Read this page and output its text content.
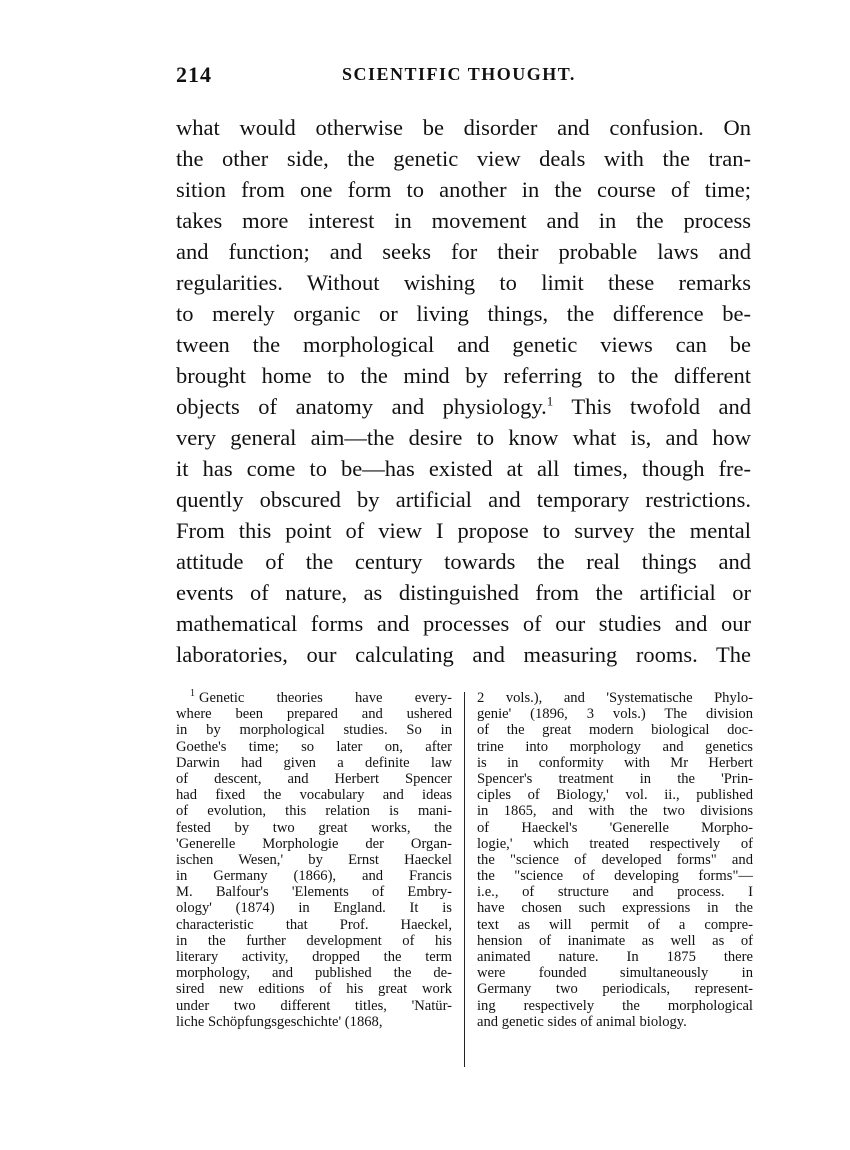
214	SCIENTIFIC THOUGHT.
what would otherwise be disorder and confusion. On
the other side, the genetic view deals with the tran-
sition from one form to another in the course of time;
takes more interest in movement and in the process
and function; and seeks for their probable laws and
regularities. Without wishing to limit these remarks
to merely organic or living things, the difference be-
tween the morphological and genetic views can be
brought home to the mind by referring to the different
objects of anatomy and physiology.$^1$ This twofold and
very general aim—the desire to know what is, and how
it has come to be—has existed at all times, though fre-
quently obscured by artificial and temporary restrictions.
From this point of view I propose to survey the mental
attitude of the century towards the real things and
events of nature, as distinguished from the artificial or
mathematical forms and processes of our studies and our
laboratories, our calculating and measuring rooms. The
$^1$ Genetic theories have every-
where been prepared and ushered
in by morphological studies. So in
Goethe's time; so later on, after
Darwin had given a definite law
of descent, and Herbert Spencer
had fixed the vocabulary and ideas
of evolution, this relation is mani-
fested by two great works, the
'Generelle Morphologie der Organ-
ischen Wesen,' by Ernst Haeckel
in Germany (1866), and Francis
M. Balfour's 'Elements of Embry-
ology' (1874) in England. It is
characteristic that Prof. Haeckel,
in the further development of his
literary activity, dropped the term
morphology, and published the de-
sired new editions of his great work
under two different titles, 'Natür-
liche Schöpfungsgeschichte' (1868,
2 vols.), and 'Systematische Phylo-
genie' (1896, 3 vols.) The division
of the great modern biological doc-
trine into morphology and genetics
is in conformity with Mr Herbert
Spencer's treatment in the 'Prin-
ciples of Biology,' vol. ii., published
in 1865, and with the two divisions
of Haeckel's 'Generelle Morpho-
logie,' which treated respectively of
the "science of developed forms" and
the "science of developing forms"—
i.e., of structure and process. I
have chosen such expressions in the
text as will permit of a compre-
hension of inanimate as well as of
animated nature. In 1875 there
were founded simultaneously in
Germany two periodicals, represent-
ing respectively the morphological
and genetic sides of animal biology.
